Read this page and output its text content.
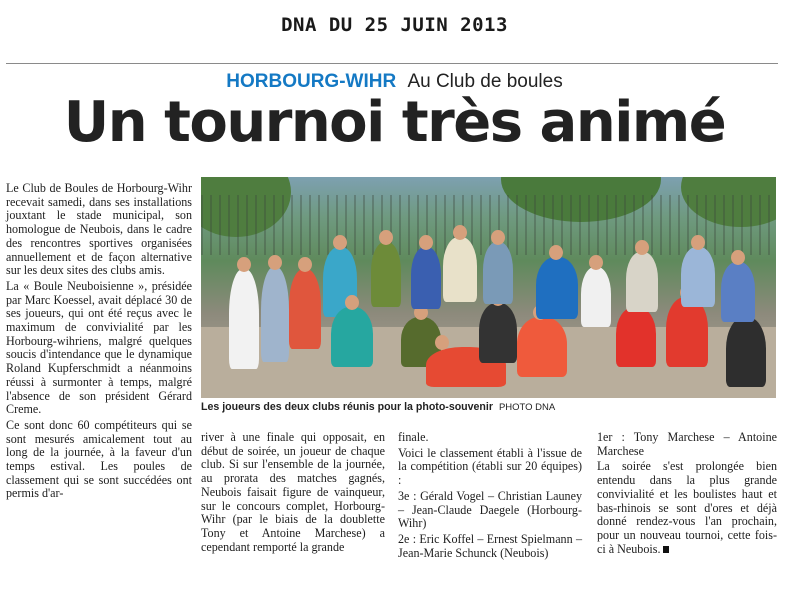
DNA DU 25 JUIN 2013
HORBOURG-WIHR Au Club de boules
Un tournoi très animé

Le Club de Boules de Horbourg-Wihr recevait samedi, dans ses installations jouxtant le stade municipal, son homologue de Neubois, dans le cadre des rencontres sportives organisées annuellement et de façon alternative sur les deux sites des clubs amis.

La « Boule Neuboisienne », présidée par Marc Koessel, avait déplacé 30 de ses joueurs, qui ont été reçus avec le maximum de convivialité par les Horbourg-wihriens, malgré quelques soucis d'intendance que le dynamique Roland Kupferschmidt a néanmoins réussi à surmonter à temps, malgré l'absence de son président Gérard Creme.

Ce sont donc 60 compétiteurs qui se sont mesurés amicalement tout au long de la journée, à la faveur d'un temps estival. Les poules de classement qui se sont succédées ont permis d'ar-

Les joueurs des deux clubs réunis pour la photo-souvenir PHOTO DNA

river à une finale qui opposait, en début de soirée, un joueur de chaque club. Si sur l'ensemble de la journée, au prorata des matches gagnés, Neubois faisait figure de vainqueur, sur le concours complet, Horbourg-Wihr (par le biais de la doublette Tony et Antoine Marchese) a cependant remporté la grande

finale.

Voici le classement établi à l'issue de la compétition (établi sur 20 équipes) :

3e : Gérald Vogel – Christian Launey – Jean-Claude Daegele (Horbourg-Wihr)

2e : Eric Koffel – Ernest Spielmann – Jean-Marie Schunck (Neubois)

1er : Tony Marchese – Antoine Marchese

La soirée s'est prolongée bien entendu dans la plus grande convivialité et les boulistes haut et bas-rhinois se sont d'ores et déjà donné rendez-vous l'an prochain, pour un nouveau tournoi, cette fois-ci à Neubois.
